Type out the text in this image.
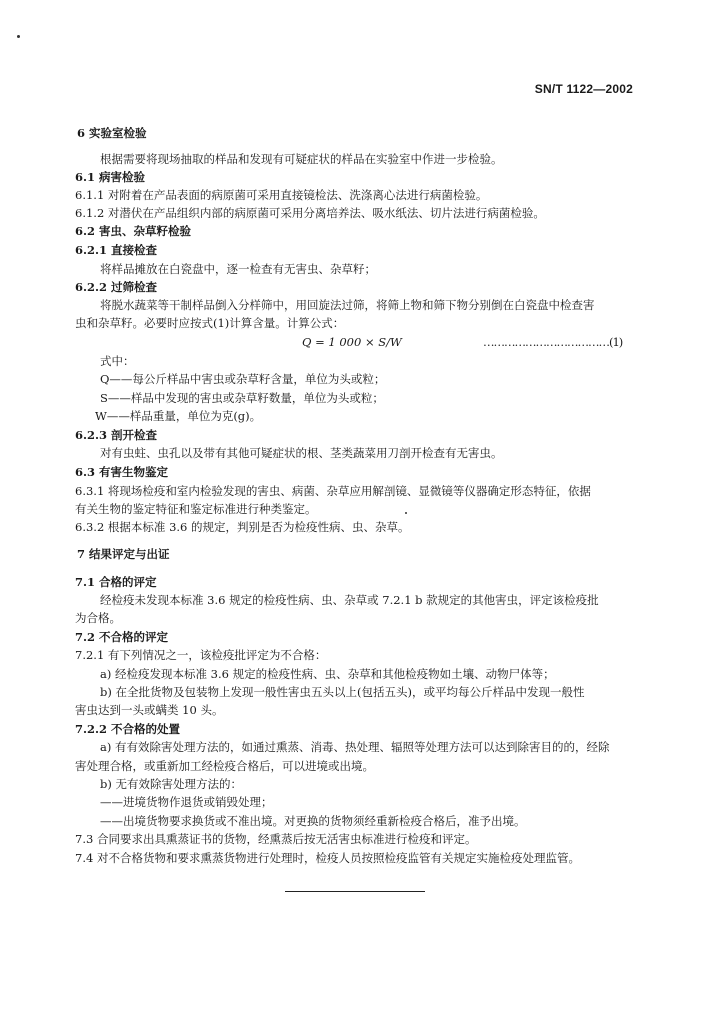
SN/T 1122—2002
6 实验室检验
根据需要将现场抽取的样品和发现有可疑症状的样品在实验室中作进一步检验。
6.1 病害检验
6.1.1 对附着在产品表面的病原菌可采用直接镜检法、洗涤离心法进行病菌检验。
6.1.2 对潜伏在产品组织内部的病原菌可采用分离培养法、吸水纸法、切片法进行病菌检验。
6.2 害虫、杂草籽检验
6.2.1 直接检查
将样品摊放在白瓷盘中，逐一检查有无害虫、杂草籽；
6.2.2 过筛检查
将脱水蔬菜等干制样品倒入分样筛中，用回旋法过筛，将筛上物和筛下物分别倒在白瓷盘中检查害
虫和杂草籽。必要时应按式(1)计算含量。计算公式：
Q = 1 000 × S/W	………………………………(1)
式中：
Q——每公斤样品中害虫或杂草籽含量，单位为头或粒；
S——样品中发现的害虫或杂草籽数量，单位为头或粒；
W——样品重量，单位为克(g)。
6.2.3 剖开检查
对有虫蛀、虫孔以及带有其他可疑症状的根、茎类蔬菜用刀剖开检查有无害虫。
6.3 有害生物鉴定
6.3.1 将现场检疫和室内检验发现的害虫、病菌、杂草应用解剖镜、显微镜等仪器确定形态特征，依据
有关生物的鉴定特征和鉴定标准进行种类鉴定。
6.3.2 根据本标准 3.6 的规定，判别是否为检疫性病、虫、杂草。
7 结果评定与出证
7.1 合格的评定
经检疫未发现本标准 3.6 规定的检疫性病、虫、杂草或 7.2.1 b 款规定的其他害虫，评定该检疫批
为合格。
7.2 不合格的评定
7.2.1 有下列情况之一，该检疫批评定为不合格：
a) 经检疫发现本标准 3.6 规定的检疫性病、虫、杂草和其他检疫物如土壤、动物尸体等；
b) 在全批货物及包装物上发现一般性害虫五头以上(包括五头)，或平均每公斤样品中发现一般性
害虫达到一头或螨类 10 头。
7.2.2 不合格的处置
a) 有有效除害处理方法的，如通过熏蒸、消毒、热处理、辐照等处理方法可以达到除害目的的，经除
害处理合格，或重新加工经检疫合格后，可以进境或出境。
b) 无有效除害处理方法的：
——进境货物作退货或销毁处理；
——出境货物要求换货或不准出境。对更换的货物须经重新检疫合格后，准予出境。
7.3 合同要求出具熏蒸证书的货物，经熏蒸后按无活害虫标准进行检疫和评定。
7.4 对不合格货物和要求熏蒸货物进行处理时，检疫人员按照检疫监管有关规定实施检疫处理监管。
